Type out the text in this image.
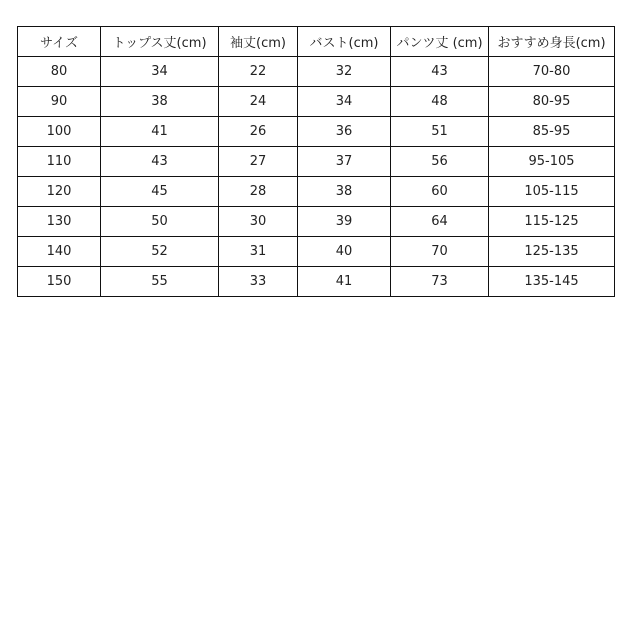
サイズ	トップス丈(cm)	袖丈(cm)	バスト(cm)	パンツ丈 (cm)	おすすめ身長(cm)
80	34	22	32	43	70-80
90	38	24	34	48	80-95
100	41	26	36	51	85-95
110	43	27	37	56	95-105
120	45	28	38	60	105-115
130	50	30	39	64	115-125
140	52	31	40	70	125-135
150	55	33	41	73	135-145
